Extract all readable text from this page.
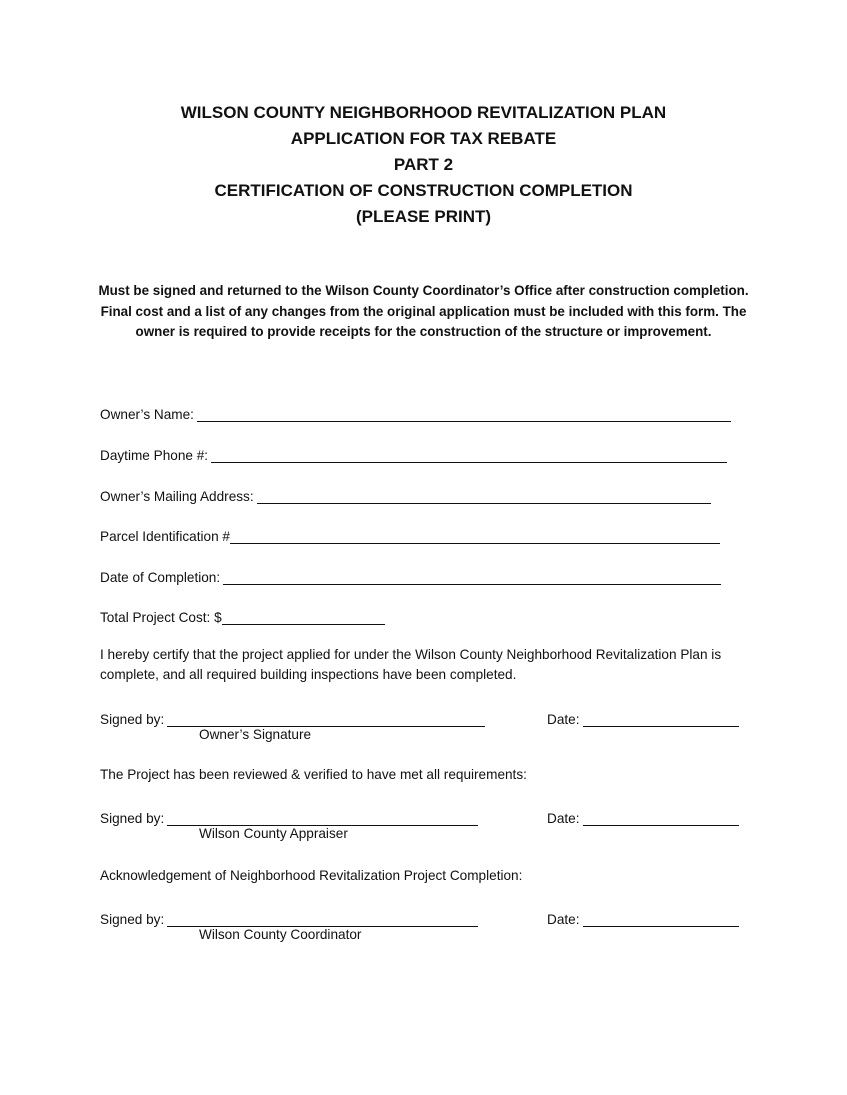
WILSON COUNTY NEIGHBORHOOD REVITALIZATION PLAN
APPLICATION FOR TAX REBATE
PART 2
CERTIFICATION OF CONSTRUCTION COMPLETION
(PLEASE PRINT)

Must be signed and returned to the Wilson County Coordinator’s Office after construction completion. Final cost and a list of any changes from the original application must be included with this form. The owner is required to provide receipts for the construction of the structure or improvement.

Owner’s Name:
Daytime Phone #:
Owner’s Mailing Address:
Parcel Identification #
Date of Completion:
Total Project Cost: $

I hereby certify that the project applied for under the Wilson County Neighborhood Revitalization Plan is complete, and all required building inspections have been completed.

Signed by:	Date:
Owner’s Signature

The Project has been reviewed & verified to have met all requirements:

Signed by:	Date:
Wilson County Appraiser

Acknowledgement of Neighborhood Revitalization Project Completion:

Signed by:	Date:
Wilson County Coordinator
